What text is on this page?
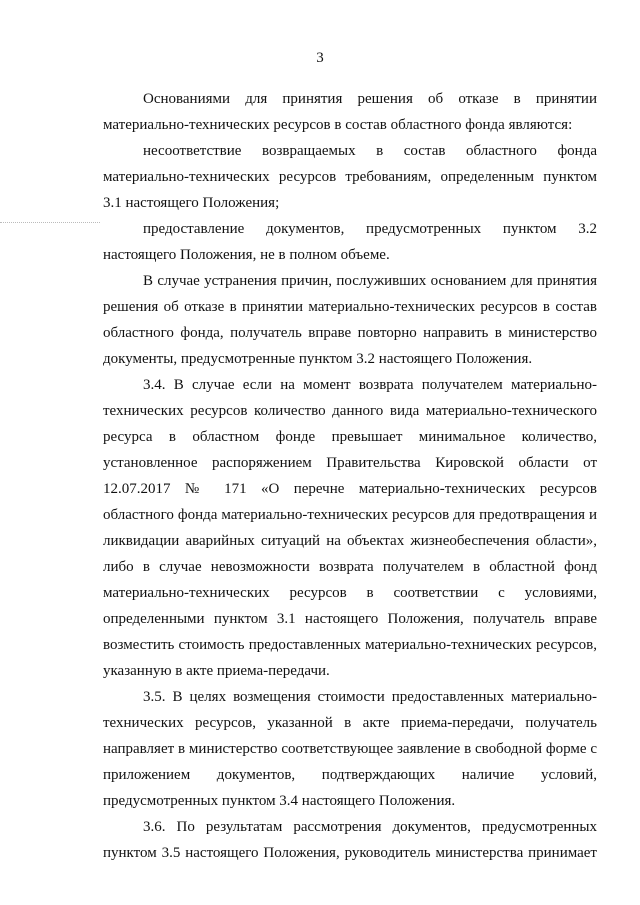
3

Основаниями для принятия решения об отказе в принятии материально-технических ресурсов в состав областного фонда являются:

несоответствие возвращаемых в состав областного фонда материально-технических ресурсов требованиям, определенным пунктом 3.1 настоящего Положения;

предоставление документов, предусмотренных пунктом 3.2 настоящего Положения, не в полном объеме.

В случае устранения причин, послуживших основанием для принятия решения об отказе в принятии материально-технических ресурсов в состав областного фонда, получатель вправе повторно направить в министерство документы, предусмотренные пунктом 3.2 настоящего Положения.

3.4. В случае если на момент возврата получателем материально-технических ресурсов количество данного вида материально-технического ресурса в областном фонде превышает минимальное количество, установленное распоряжением Правительства Кировской области от 12.07.2017 № 171 «О перечне материально-технических ресурсов областного фонда материально-технических ресурсов для предотвращения и ликвидации аварийных ситуаций на объектах жизнеобеспечения области», либо в случае невозможности возврата получателем в областной фонд материально-технических ресурсов в соответствии с условиями, определенными пунктом 3.1 настоящего Положения, получатель вправе возместить стоимость предоставленных материально-технических ресурсов, указанную в акте приема-передачи.

3.5. В целях возмещения стоимости предоставленных материально-технических ресурсов, указанной в акте приема-передачи, получатель направляет в министерство соответствующее заявление в свободной форме с приложением документов, подтверждающих наличие условий, предусмотренных пунктом 3.4 настоящего Положения.

3.6. По результатам рассмотрения документов, предусмотренных пунктом 3.5 настоящего Положения, руководитель министерства принимает
